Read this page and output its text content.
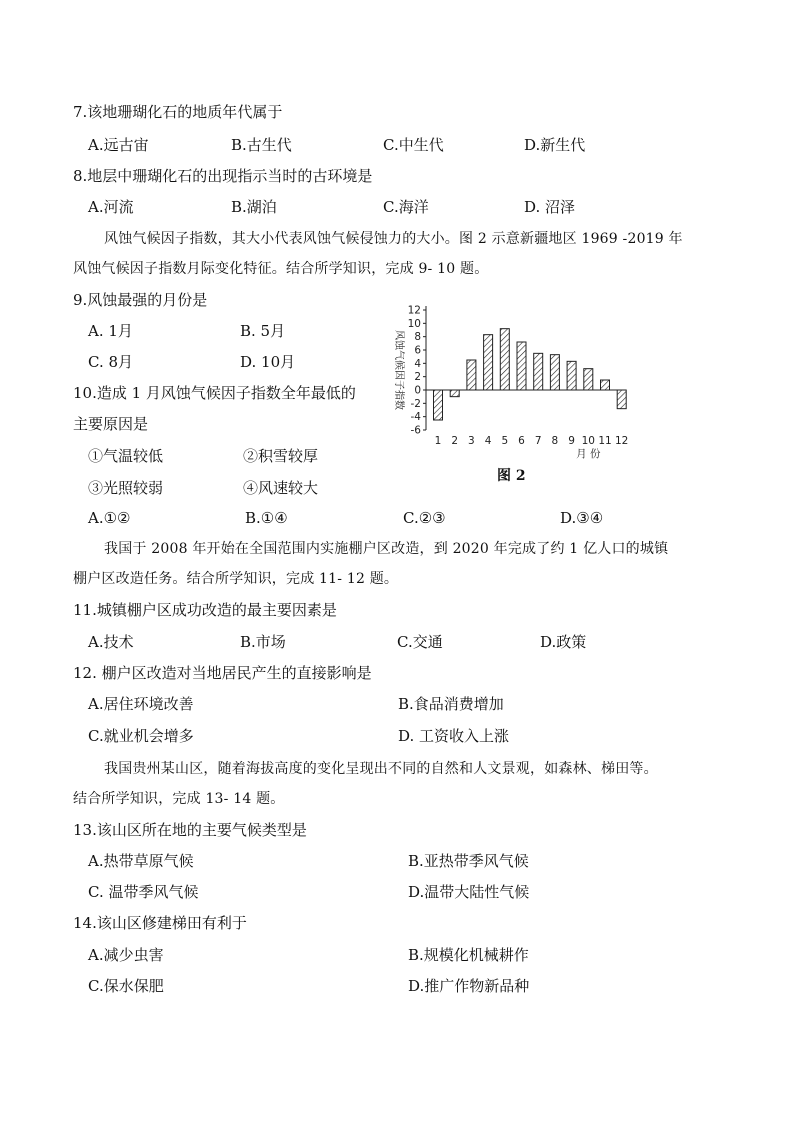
7.该地珊瑚化石的地质年代属于
A.远古宙	B.古生代	C.中生代	D.新生代
8.地层中珊瑚化石的出现指示当时的古环境是
A.河流	B.湖泊	C.海洋	D. 沼泽
风蚀气候因子指数，其大小代表风蚀气候侵蚀力的大小。图 2 示意新疆地区 1969 -2019 年
风蚀气候因子指数月际变化特征。结合所学知识，完成 9- 10 题。
9.风蚀最强的月份是
A. 1月	B. 5月
C. 8月	D. 10月
10.造成 1 月风蚀气候因子指数全年最低的
主要原因是
①气温较低	②积雪较厚
③光照较弱	④风速较大
A.①②	B.①④	C.②③	D.③④
12
10
8
6
4
2
0
-2
-4
-6
风蚀气候因子指数
1 2 3 4 5 6 7 8 9 10 11 12
月 份
图 2
我国于 2008 年开始在全国范围内实施棚户区改造，到 2020 年完成了约 1 亿人口的城镇
棚户区改造任务。结合所学知识，完成 11- 12 题。
11.城镇棚户区成功改造的最主要因素是
A.技术	B.市场	C.交通	D.政策
12. 棚户区改造对当地居民产生的直接影响是
A.居住环境改善	B.食品消费增加
C.就业机会增多	D. 工资收入上涨
我国贵州某山区，随着海拔高度的变化呈现出不同的自然和人文景观，如森林、梯田等。
结合所学知识，完成 13- 14 题。
13.该山区所在地的主要气候类型是
A.热带草原气候	B.亚热带季风气候
C. 温带季风气候	D.温带大陆性气候
14.该山区修建梯田有利于
A.减少虫害	B.规模化机械耕作
C.保水保肥	D.推广作物新品种
